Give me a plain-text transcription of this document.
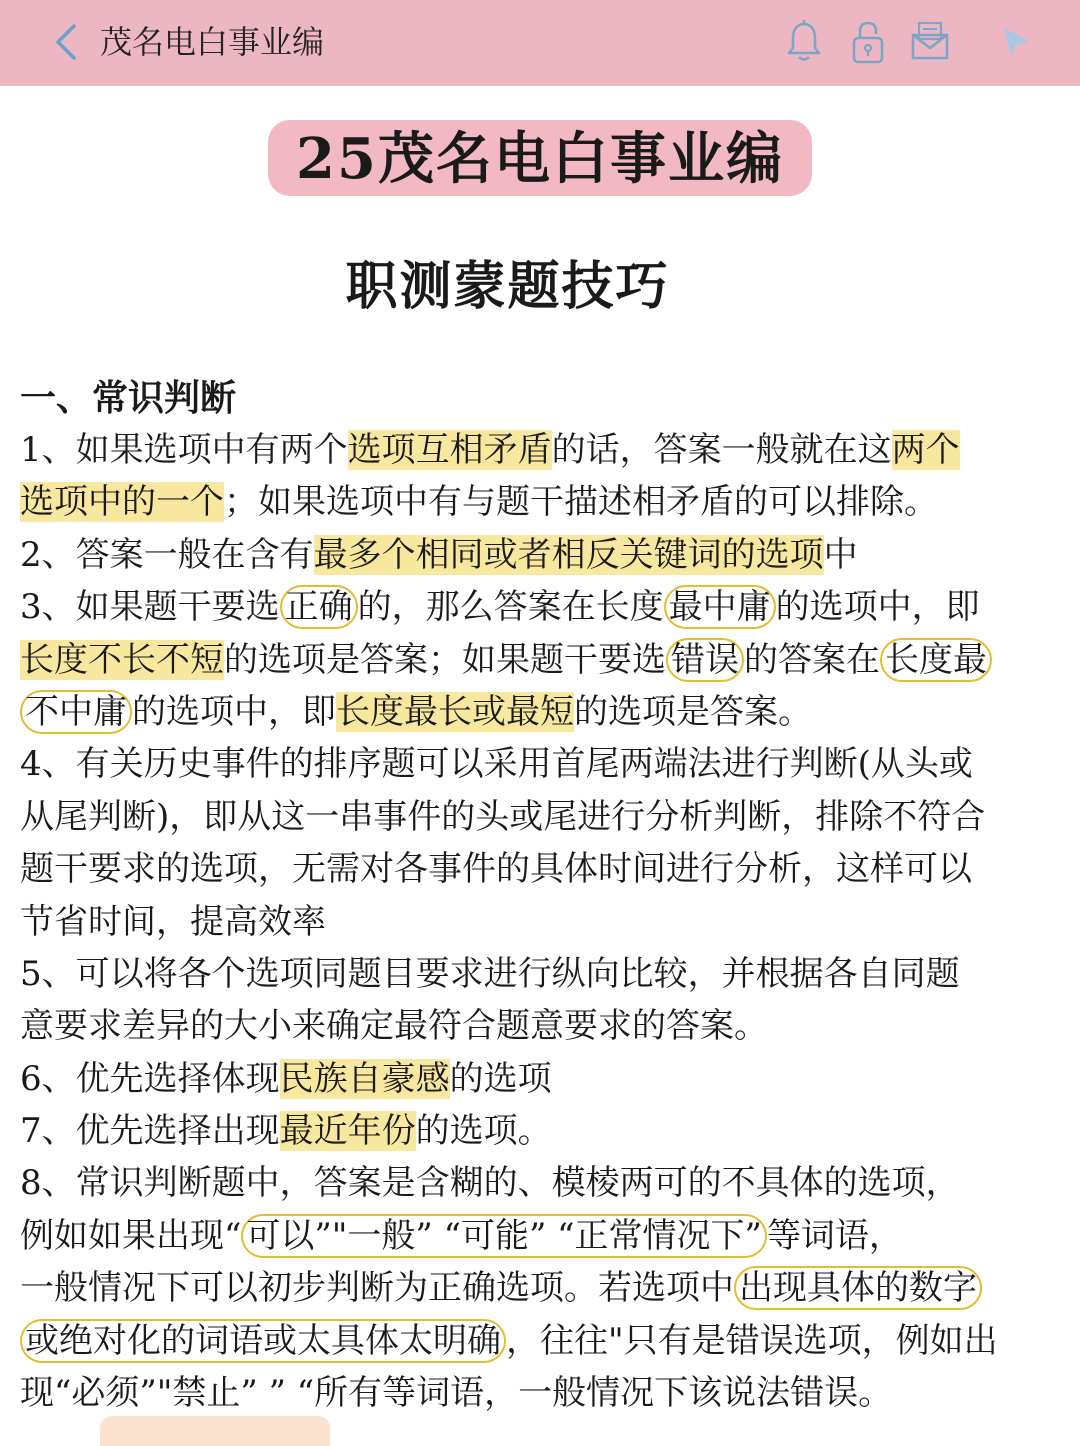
茂名电白事业编
25茂名电白事业编
职测蒙题技巧
一、常识判断
1、如果选项中有两个选项互相矛盾的话，答案一般就在这两个
选项中的一个；如果选项中有与题干描述相矛盾的可以排除。
2、答案一般在含有最多个相同或者相反关键词的选项中
3、如果题干要选 正确 的，那么答案在长度 最中庸 的选项中，即
长度不长不短的选项是答案；如果题干要选 错误 的答案在 长度最
不中庸 的选项中，即长度最长或最短的选项是答案。
4、有关历史事件的排序题可以采用首尾两端法进行判断(从头或
从尾判断)，即从这一串事件的头或尾进行分析判断，排除不符合
题干要求的选项，无需对各事件的具体时间进行分析，这样可以
节省时间，提高效率
5、可以将各个选项同题目要求进行纵向比较，并根据各自同题
意要求差异的大小来确定最符合题意要求的答案。
6、优先选择体现民族自豪感的选项
7、优先选择出现最近年份的选项。
8、常识判断题中，答案是含糊的、模棱两可的不具体的选项，
例如如果出现“ 可以”"一般” “可能” “正常情况下” 等词语，
一般情况下可以初步判断为正确选项。若选项中 出现具体的数字
或绝对化的词语或太具体太明确 ，往往"只有是错误选项，例如出
现“必须”"禁止” ” “所有等词语，一般情况下该说法错误。
